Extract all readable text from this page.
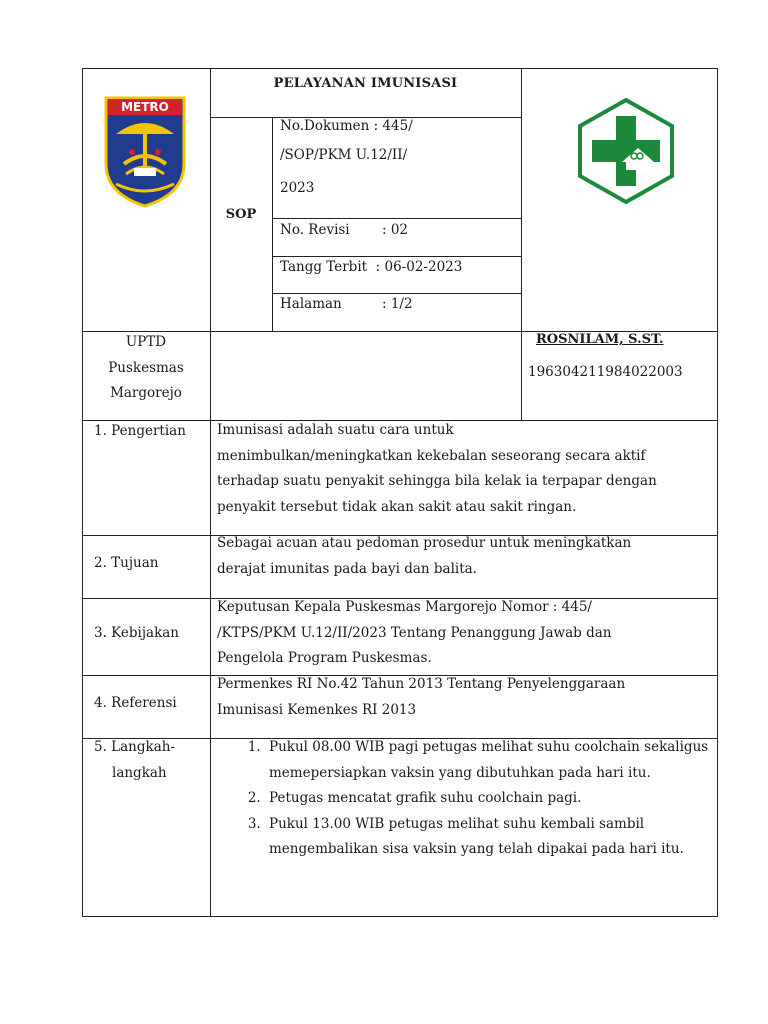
METRO
PELAYANAN IMUNISASI
SOP
No.Dokumen : 445/
/SOP/PKM U.12/II/
2023
No. Revisi : 02
Tangg Terbit : 06-02-2023
Halaman	: 1/2
UPTD
Puskesmas
Margorejo
ROSNILAM, S.ST.
196304211984022003
1. Pengertian Imunisasi adalah suatu cara untuk
menimbulkan/meningkatkan kekebalan seseorang secara aktif
terhadap suatu penyakit sehingga bila kelak ia terpapar dengan
penyakit tersebut tidak akan sakit atau sakit ringan.
2. Tujuan
Sebagai acuan atau pedoman prosedur untuk meningkatkan
derajat imunitas pada bayi dan balita.
3. Kebijakan
Keputusan Kepala Puskesmas Margorejo Nomor : 445/
/KTPS/PKM U.12/II/2023 Tentang Penanggung Jawab dan
Pengelola Program Puskesmas.
4. Referensi
Permenkes RI No.42 Tahun 2013 Tentang Penyelenggaraan
Imunisasi Kemenkes RI 2013
5. Langkah-
langkah
1. Pukul 08.00 WIB pagi petugas melihat suhu coolchain sekaligus memepersiapkan vaksin yang dibutuhkan pada hari itu.
2. Petugas mencatat grafik suhu coolchain pagi.
3. Pukul 13.00 WIB petugas melihat suhu kembali sambil mengembalikan sisa vaksin yang telah dipakai pada hari itu.
